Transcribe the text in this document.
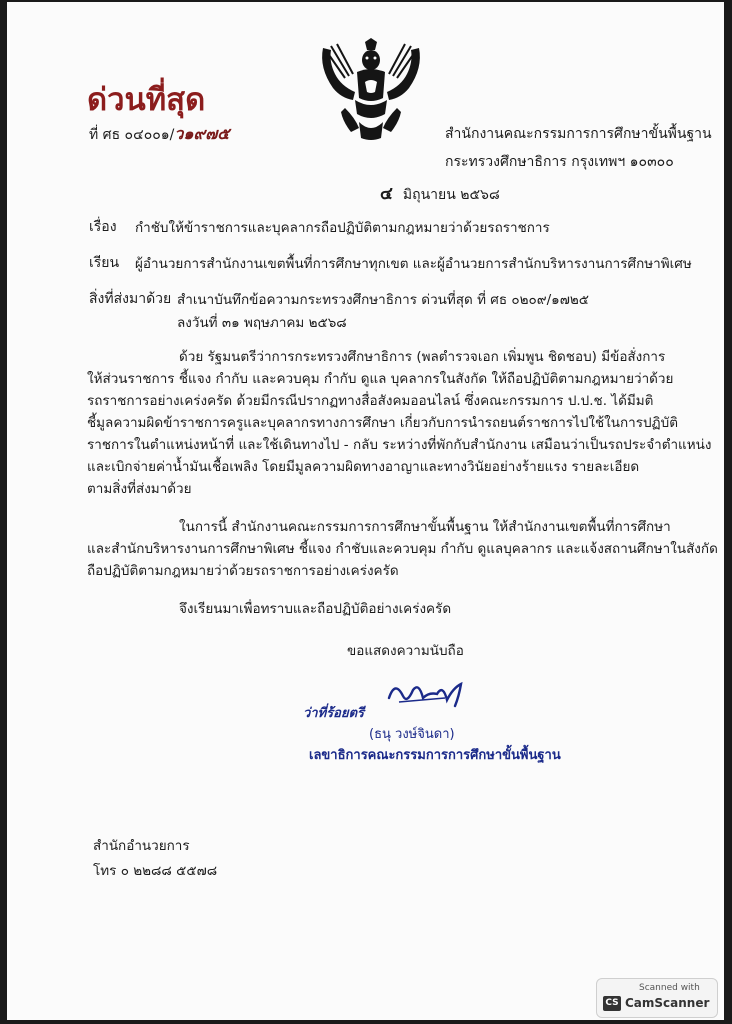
ด่วนที่สุด
ที่ ศธ ๐๔๐๐๑/ว๑๙๗๕	สำนักงานคณะกรรมการการศึกษาขั้นพื้นฐาน
กระทรวงศึกษาธิการ กรุงเทพฯ ๑๐๓๐๐
๔ มิถุนายน ๒๕๖๘
เรื่อง กำชับให้ข้าราชการและบุคลากรถือปฏิบัติตามกฎหมายว่าด้วยรถราชการ
เรียน ผู้อำนวยการสำนักงานเขตพื้นที่การศึกษาทุกเขต และผู้อำนวยการสำนักบริหารงานการศึกษาพิเศษ
สิ่งที่ส่งมาด้วย สำเนาบันทึกข้อความกระทรวงศึกษาธิการ ด่วนที่สุด ที่ ศธ ๐๒๐๙/๑๗๒๕
ลงวันที่ ๓๑ พฤษภาคม ๒๕๖๘
ด้วย รัฐมนตรีว่าการกระทรวงศึกษาธิการ (พลตำรวจเอก เพิ่มพูน ชิดชอบ) มีข้อสั่งการ
ให้ส่วนราชการ ชี้แจง กำกับ และควบคุม กำกับ ดูแล บุคลากรในสังกัด ให้ถือปฏิบัติตามกฎหมายว่าด้วย
รถราชการอย่างเคร่งครัด ด้วยมีกรณีปรากฏทางสื่อสังคมออนไลน์ ซึ่งคณะกรรมการ ป.ป.ช. ได้มีมติ
ชี้มูลความผิดข้าราชการครูและบุคลากรทางการศึกษา เกี่ยวกับการนำรถยนต์ราชการไปใช้ในการปฏิบัติ
ราชการในตำแหน่งหน้าที่ และใช้เดินทางไป - กลับ ระหว่างที่พักกับสำนักงาน เสมือนว่าเป็นรถประจำตำแหน่ง
และเบิกจ่ายค่าน้ำมันเชื้อเพลิง โดยมีมูลความผิดทางอาญาและทางวินัยอย่างร้ายแรง รายละเอียด
ตามสิ่งที่ส่งมาด้วย
ในการนี้ สำนักงานคณะกรรมการการศึกษาขั้นพื้นฐาน ให้สำนักงานเขตพื้นที่การศึกษา
และสำนักบริหารงานการศึกษาพิเศษ ชี้แจง กำชับและควบคุม กำกับ ดูแลบุคลากร และแจ้งสถานศึกษาในสังกัด
ถือปฏิบัติตามกฎหมายว่าด้วยรถราชการอย่างเคร่งครัด
จึงเรียนมาเพื่อทราบและถือปฏิบัติอย่างเคร่งครัด
ขอแสดงความนับถือ
ว่าที่ร้อยตรี
(ธนุ วงษ์จินดา)
เลขาธิการคณะกรรมการการศึกษาขั้นพื้นฐาน
สำนักอำนวยการ
โทร ๐ ๒๒๘๘ ๕๕๗๘
Scanned with
CS CamScanner
